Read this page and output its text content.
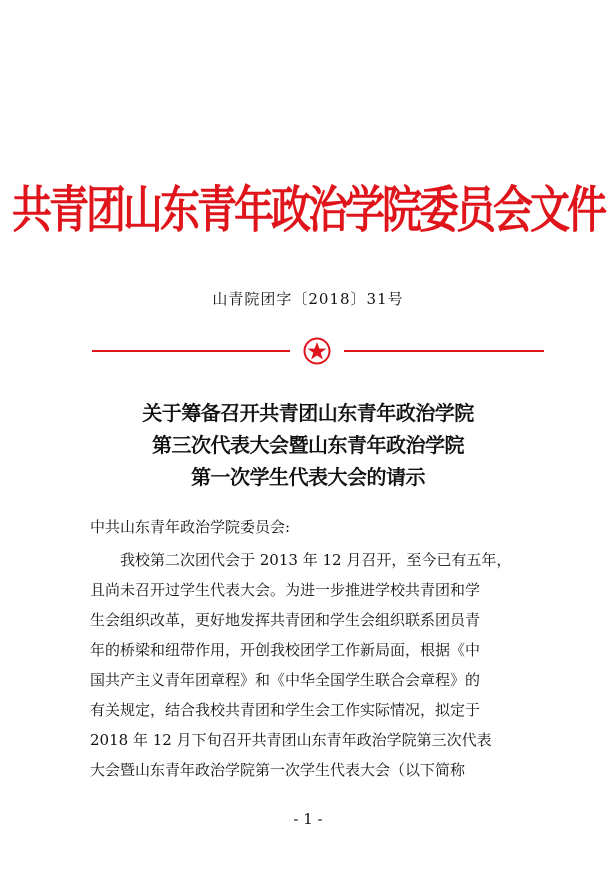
共青团山东青年政治学院委员会文件
山青院团字〔2018〕31号
关于筹备召开共青团山东青年政治学院
第三次代表大会暨山东青年政治学院
第一次学生代表大会的请示
中共山东青年政治学院委员会:
我校第二次团代会于 2013 年 12 月召开，至今已有五年，
且尚未召开过学生代表大会。为进一步推进学校共青团和学
生会组织改革，更好地发挥共青团和学生会组织联系团员青
年的桥梁和纽带作用，开创我校团学工作新局面，根据《中
国共产主义青年团章程》和《中华全国学生联合会章程》的
有关规定，结合我校共青团和学生会工作实际情况，拟定于
2018 年 12 月下旬召开共青团山东青年政治学院第三次代表
大会暨山东青年政治学院第一次学生代表大会（以下简称
- 1 -
